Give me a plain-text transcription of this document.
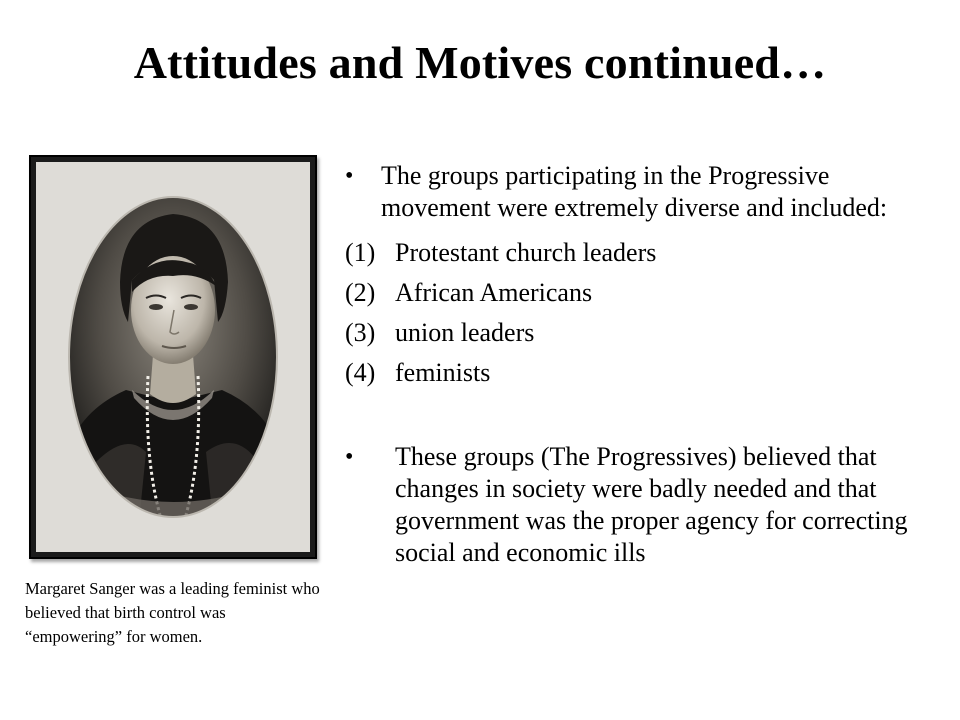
Attitudes and Motives continued…
Margaret Sanger was a leading feminist who believed that birth control was “empowering” for women.
• The groups participating in the Progressive movement were extremely diverse and included:
(1) Protestant church leaders
(2) African Americans
(3) union leaders
(4) feminists
•	These groups (The Progressives) believed that changes in society were badly needed and that government was the proper agency for correcting social and economic ills
